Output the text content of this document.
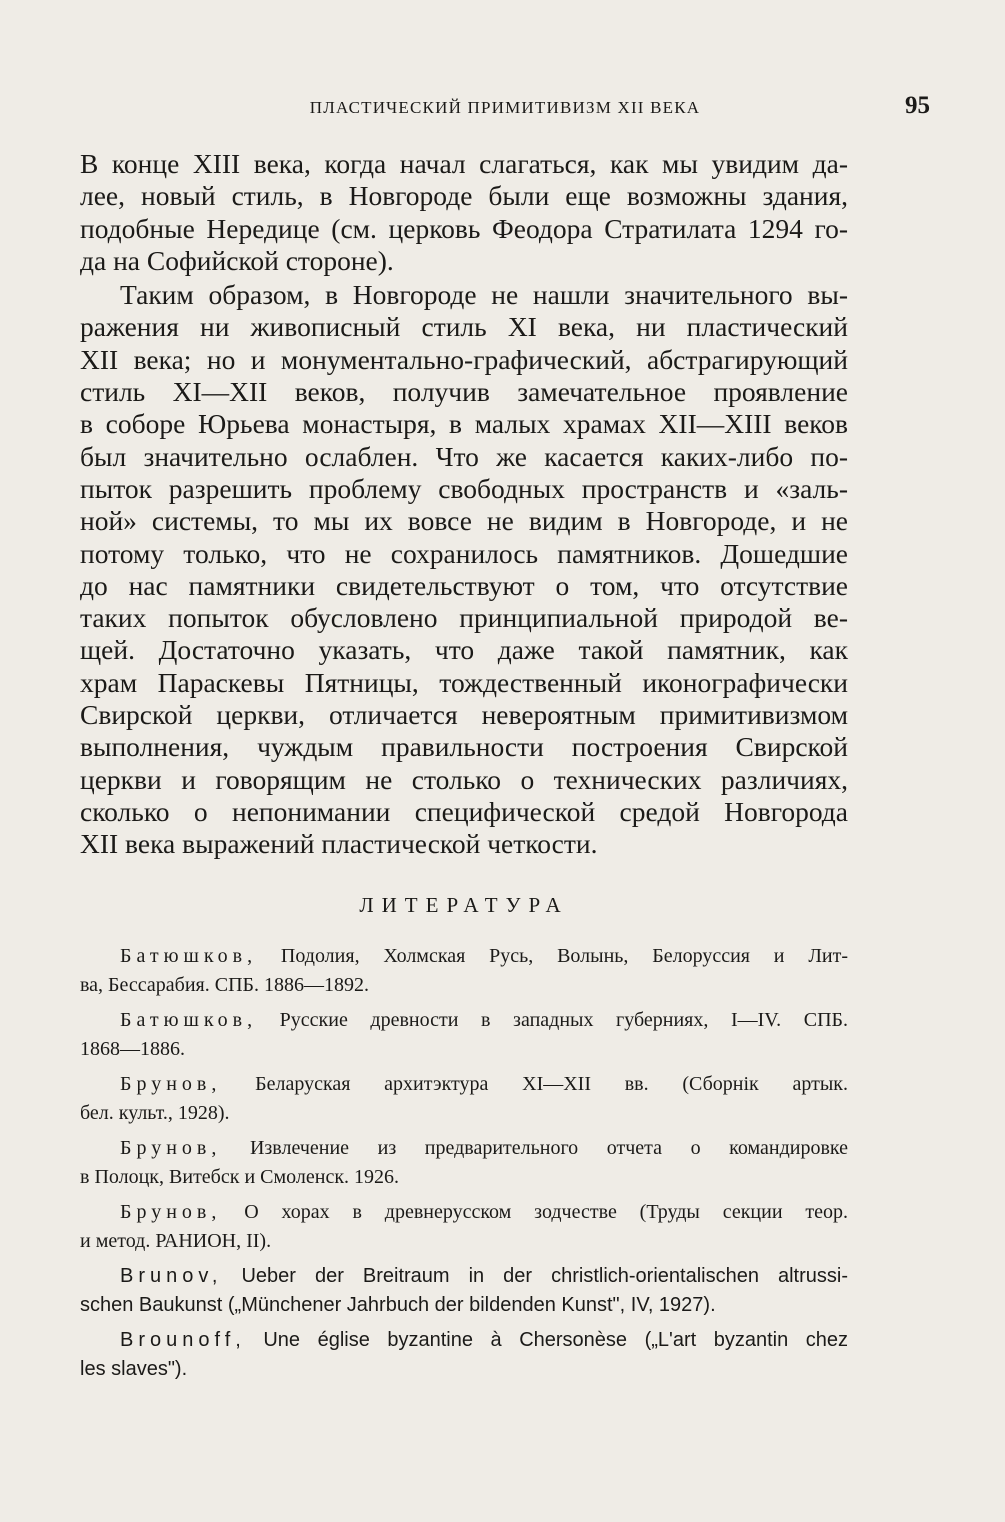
ПЛАСТИЧЕСКИЙ ПРИМИТИВИЗМ XII ВЕКА	95
В конце XIII века, когда начал слагаться, как мы увидим да-
лее, новый стиль, в Новгороде были еще возможны здания,
подобные Нередице (см. церковь Феодора Стратилата 1294 го-
да на Софийской стороне).
Таким образом, в Новгороде не нашли значительного вы-
ражения ни живописный стиль XI века, ни пластический
XII века; но и монументально-графический, абстрагирующий
стиль XI—XII веков, получив замечательное проявление
в соборе Юрьева монастыря, в малых храмах XII—XIII веков
был значительно ослаблен. Что же касается каких-либо по-
пыток разрешить проблему свободных пространств и «заль-
ной» системы, то мы их вовсе не видим в Новгороде, и не
потому только, что не сохранилось памятников. Дошедшие
до нас памятники свидетельствуют о том, что отсутствие
таких попыток обусловлено принципиальной природой ве-
щей. Достаточно указать, что даже такой памятник, как
храм Параскевы Пятницы, тождественный иконографически
Свирской церкви, отличается невероятным примитивизмом
выполнения, чуждым правильности построения Свирской
церкви и говорящим не столько о технических различиях,
сколько о непонимании специфической средой Новгорода
XII века выражений пластической четкости.
ЛИТЕРАТУРА
Батюшков, Подолия, Холмская Русь, Волынь, Белоруссия и Лит-
ва, Бессарабия. СПБ. 1886—1892.
Батюшков, Русские древности в западных губерниях, I—IV. СПБ.
1868—1886.
Брунов, Беларуская архитэктура XI—XII вв. (Сборнік артык.
бел. культ., 1928).
Брунов, Извлечение из предварительного отчета о командировке
в Полоцк, Витебск и Смоленск. 1926.
Брунов, О хорах в древнерусском зодчестве (Труды секции теор.
и метод. РАНИОН, II).
Brunov, Ueber der Breitraum in der christlich-orientalischen altrussi-
schen Baukunst („Münchener Jahrbuch der bildenden Kunst", IV, 1927).
Brounoff, Une église byzantine à Chersonèse („L'art byzantin chez
les slaves").
